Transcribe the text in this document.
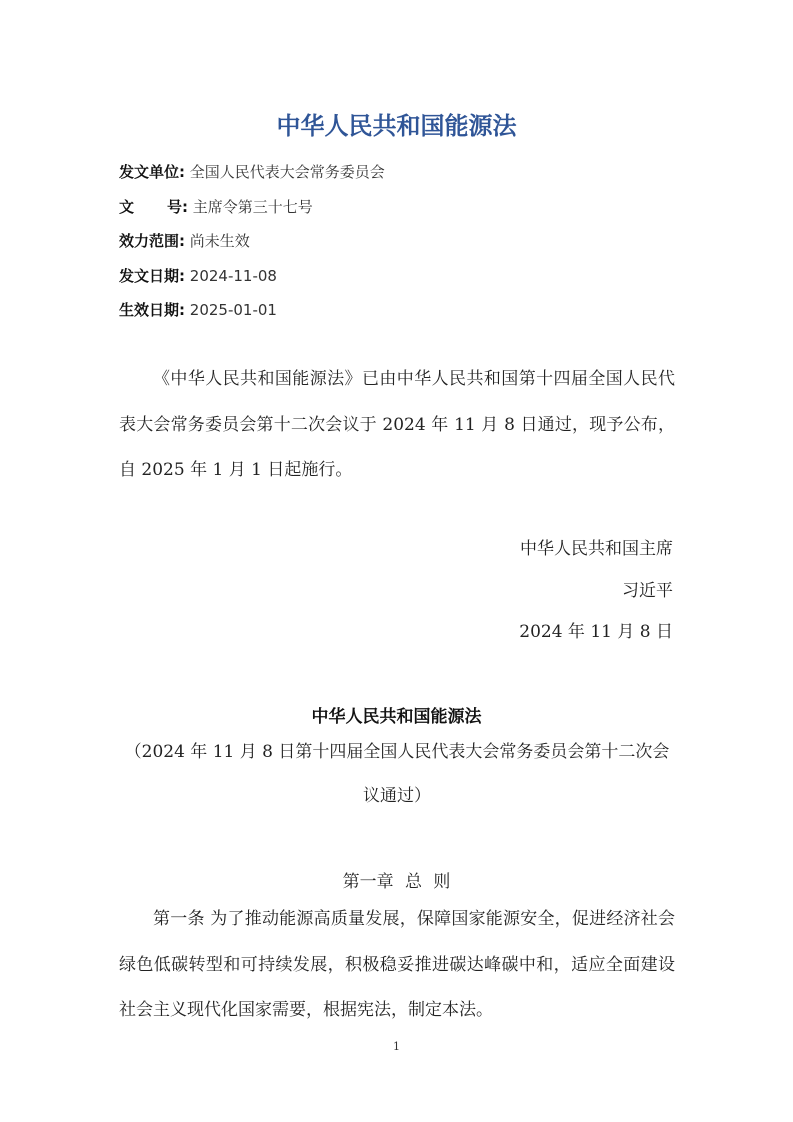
中华人民共和国能源法
发文单位: 全国人民代表大会常务委员会
文 号: 主席令第三十七号
效力范围: 尚未生效
发文日期: 2024-11-08
生效日期: 2025-01-01

《中华人民共和国能源法》已由中华人民共和国第十四届全国人民代表大会常务委员会第十二次会议于 2024 年 11 月 8 日通过，现予公布，自 2025 年 1 月 1 日起施行。

中华人民共和国主席
习近平
2024 年 11 月 8 日
中华人民共和国能源法
（2024 年 11 月 8 日第十四届全国人民代表大会常务委员会第十二次会议通过）
第一章 总 则

第一条 为了推动能源高质量发展，保障国家能源安全，促进经济社会绿色低碳转型和可持续发展，积极稳妥推进碳达峰碳中和，适应全面建设社会主义现代化国家需要，根据宪法，制定本法。

1
